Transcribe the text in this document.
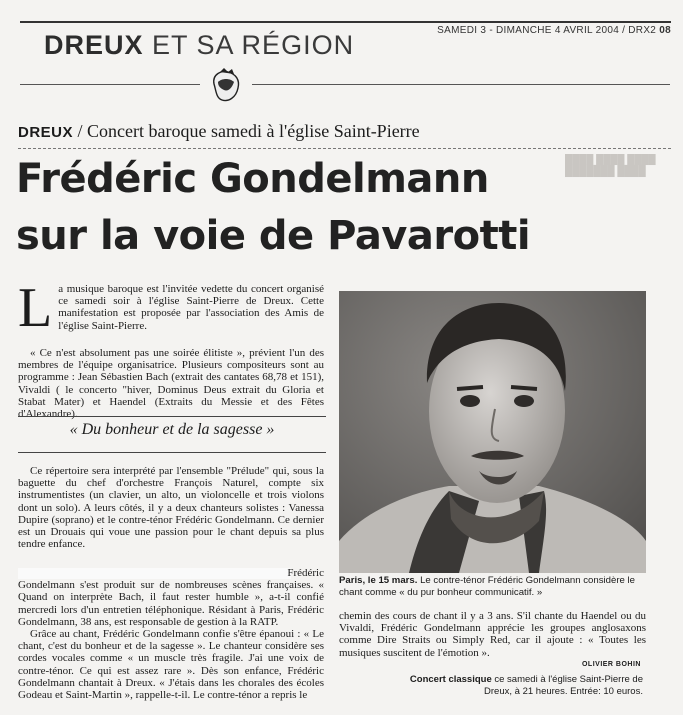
SAMEDI 3 - DIMANCHE 4 AVRIL 2004 / DRX2 08
DREUX ET SA RÉGION
████ ████ ████
███████ ████
DREUX / Concert baroque samedi à l'église Saint-Pierre
Frédéric Gondelmann
sur la voie de Pavarotti
L a musique baroque est l'invitée vedette du concert organisé ce samedi soir à l'église Saint-Pierre de Dreux. Cette manifestation est proposée par l'association des Amis de l'église Saint-Pierre.

« Ce n'est absolument pas une soirée élitiste », prévient l'un des membres de l'équipe organisatrice. Plusieurs compositeurs sont au programme : Jean Sébastien Bach (extrait des cantates 68,78 et 151), Vivaldi ( le concerto "hiver, Dominus Deus extrait du Gloria et Stabat Mater) et Haendel (Extraits du Messie et des Fêtes d'Alexandre).

« Du bonheur et de la sagesse »

Ce répertoire sera interprété par l'ensemble "Prélude" qui, sous la baguette du chef d'orchestre François Naturel, compte six instrumentistes (un clavier, un alto, un violoncelle et trois violons dont un solo). A leurs côtés, il y a deux chanteurs solistes : Vanessa Dupire (soprano) et le contre-ténor Frédéric Gondelmann. Ce dernier est un Drouais qui voue une passion pour le chant depuis sa plus tendre enfance.

Frédéric

Gondelmann s'est produit sur de nombreuses scènes françaises. « Quand on interprète Bach, il faut rester humble », a-t-il confié mercredi lors d'un entretien téléphonique. Résidant à Paris, Frédéric Gondelmann, 38 ans, est responsable de gestion à la RATP.

Grâce au chant, Frédéric Gondelmann confie s'être épanoui : « Le chant, c'est du bonheur et de la sagesse ». Le chanteur considère ses cordes vocales comme « un muscle très fragile. J'ai une voix de contre-ténor. Ce qui est assez rare ». Dès son enfance, Frédéric Gondelmann chantait à Dreux. « J'étais dans les chorales des écoles Godeau et Saint-Martin », rappelle-t-il. Le contre-ténor a repris le

Paris, le 15 mars. Le contre-ténor Frédéric Gondelmann considère le chant comme « du pur bonheur communicatif. »

chemin des cours de chant il y a 3 ans. S'il chante du Haendel ou du Vivaldi, Frédéric Gondelmann apprécie les groupes anglosaxons comme Dire Straits ou Simply Red, car il ajoute : « Toutes les musiques suscitent de l'émotion ».

OLIVIER BOHIN
Concert classique ce samedi à l'église Saint-Pierre de Dreux, à 21 heures. Entrée: 10 euros.
